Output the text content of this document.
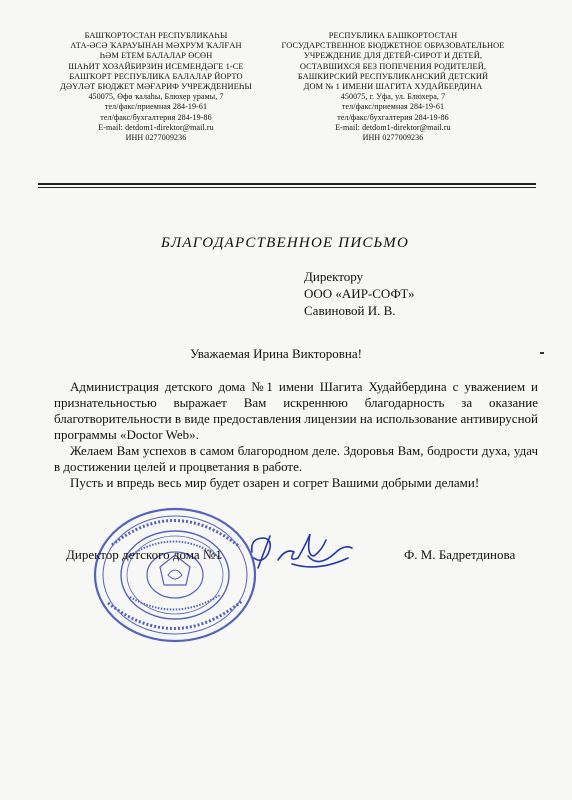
БАШҠОРТОСТАН РЕСПУБЛИКАҺЫ
АТА-ӘСӘ ҠАРАУЫНАН МӘХРУМ ҠАЛҒАН
ҺӘМ ЕТЕМ БАЛАЛАР ӨСӨН
ШАҺИТ ХОЗАЙБИРЗИН ИСЕМЕНДӘГЕ 1-СЕ
БАШҠОРТ РЕСПУБЛИКА БАЛАЛАР ЙОРТО
ДӘҮЛӘТ БЮДЖЕТ МӘҒАРИФ УЧРЕЖДЕНИЕҺЫ
450075, Өфө ҡалаһы, Блюхер урамы, 7
тел/факс/приемная 284-19-61
тел/факс/бухгалтерия 284-19-86
E-mail: detdom1-direktor@mail.ru
ИНН 0277009236
РЕСПУБЛИКА БАШКОРТОСТАН
ГОСУДАРСТВЕННОЕ БЮДЖЕТНОЕ ОБРАЗОВАТЕЛЬНОЕ
УЧРЕЖДЕНИЕ ДЛЯ ДЕТЕЙ-СИРОТ И ДЕТЕЙ,
ОСТАВШИХСЯ БЕЗ ПОПЕЧЕНИЯ РОДИТЕЛЕЙ,
БАШКИРСКИЙ РЕСПУБЛИКАНСКИЙ ДЕТСКИЙ
ДОМ № 1 ИМЕНИ ШАГИТА ХУДАЙБЕРДИНА
450075, г. Уфа, ул. Блюхера, 7
тел/факс/приемная 284-19-61
тел/факс/бухгалтерия 284-19-86
E-mail: detdom1-direktor@mail.ru
ИНН 0277009236
БЛАГОДАРСТВЕННОЕ ПИСЬМО
Директору
ООО «АИР-СОФТ»
Савиновой И. В.
Уважаемая Ирина Викторовна!

Администрация детского дома №1 имени Шагита Худайбердина с уважением и признательностью выражает Вам искреннюю благодарность за оказание благотворительности в виде предоставления лицензии на использование антивирусной программы «Doctor Web».

Желаем Вам успехов в самом благородном деле. Здоровья Вам, бодрости духа, удач в достижении целей и процветания в работе.

Пусть и впредь весь мир будет озарен и согрет Вашими добрыми делами!

Директор детского дома №1	Ф. М. Бадретдинова
